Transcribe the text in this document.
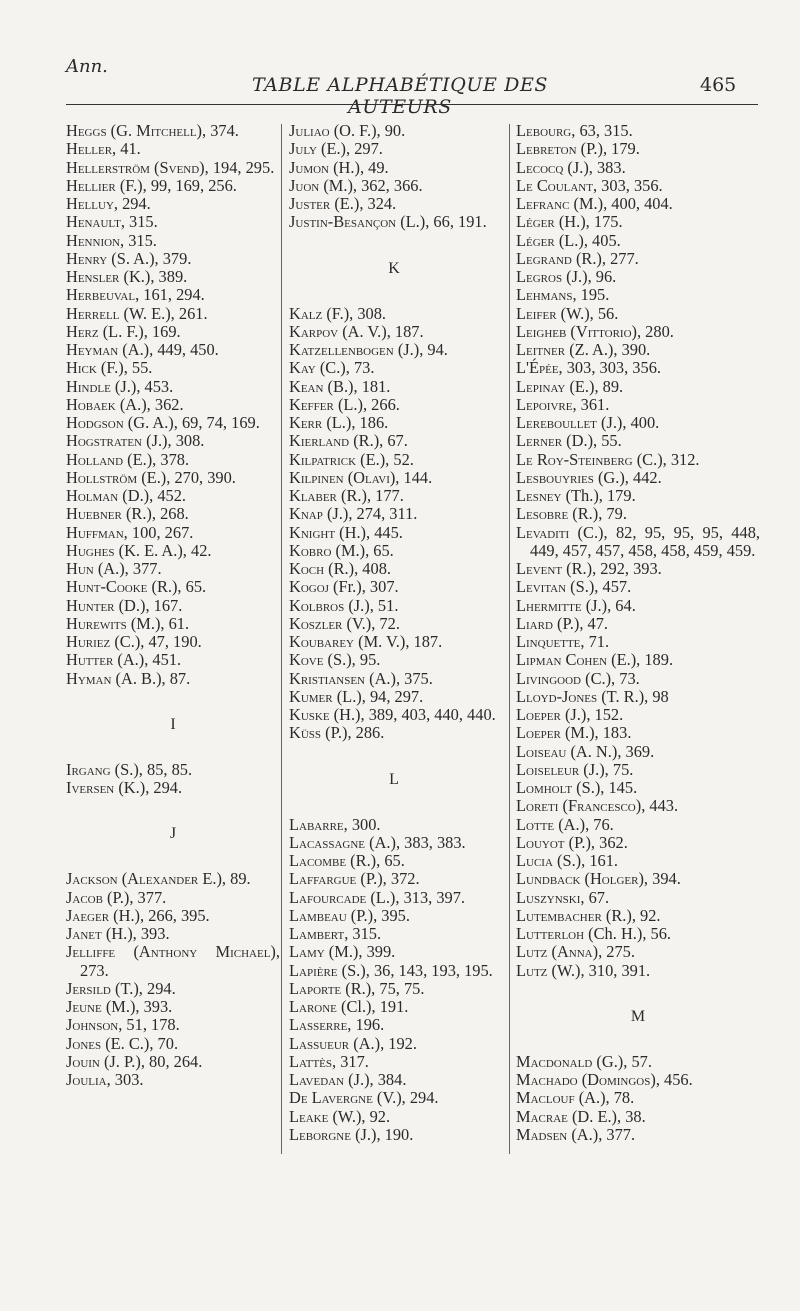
Ann.
TABLE ALPHABÉTIQUE DES AUTEURS
465
Heggs (G. Mitchell), 374.
Heller, 41.
Hellerström (Svend), 194, 295.
Hellier (F.), 99, 169, 256.
Helluy, 294.
Henault, 315.
Hennion, 315.
Henry (S. A.), 379.
Hensler (K.), 389.
Herbeuval, 161, 294.
Herrell (W. E.), 261.
Herz (L. F.), 169.
Heyman (A.), 449, 450.
Hick (F.), 55.
Hindle (J.), 453.
Hobaek (A.), 362.
Hodgson (G. A.), 69, 74, 169.
Hogstraten (J.), 308.
Holland (E.), 378.
Hollström (E.), 270, 390.
Holman (D.), 452.
Huebner (R.), 268.
Huffman, 100, 267.
Hughes (K. E. A.), 42.
Hun (A.), 377.
Hunt-Cooke (R.), 65.
Hunter (D.), 167.
Hurewits (M.), 61.
Huriez (C.), 47, 190.
Hutter (A.), 451.
Hyman (A. B.), 87.
I
Irgang (S.), 85, 85.
Iversen (K.), 294.
J
Jackson (Alexander E.), 89.
Jacob (P.), 377.
Jaeger (H.), 266, 395.
Janet (H.), 393.
Jelliffe (Anthony Michael), 273.
Jersild (T.), 294.
Jeune (M.), 393.
Johnson, 51, 178.
Jones (E. C.), 70.
Jouin (J. P.), 80, 264.
Joulia, 303.
Juliao (O. F.), 90.
July (E.), 297.
Jumon (H.), 49.
Juon (M.), 362, 366.
Juster (E.), 324.
Justin-Besançon (L.), 66, 191.
K
Kalz (F.), 308.
Karpov (A. V.), 187.
Katzellenbogen (J.), 94.
Kay (C.), 73.
Kean (B.), 181.
Keffer (L.), 266.
Kerr (L.), 186.
Kierland (R.), 67.
Kilpatrick (E.), 52.
Kilpinen (Olavi), 144.
Klaber (R.), 177.
Knap (J.), 274, 311.
Knight (H.), 445.
Kobro (M.), 65.
Koch (R.), 408.
Kogoj (Fr.), 307.
Kolbros (J.), 51.
Koszler (V.), 72.
Koubarey (M. V.), 187.
Kove (S.), 95.
Kristiansen (A.), 375.
Kumer (L.), 94, 297.
Kuske (H.), 389, 403, 440, 440.
Küss (P.), 286.
L
Labarre, 300.
Lacassagne (A.), 383, 383.
Lacombe (R.), 65.
Laffargue (P.), 372.
Lafourcade (L.), 313, 397.
Lambeau (P.), 395.
Lambert, 315.
Lamy (M.), 399.
Lapière (S.), 36, 143, 193, 195.
Laporte (R.), 75, 75.
Larone (Cl.), 191.
Lasserre, 196.
Lassueur (A.), 192.
Lattès, 317.
Lavedan (J.), 384.
De Lavergne (V.), 294.
Leake (W.), 92.
Leborgne (J.), 190.
Lebourg, 63, 315.
Lebreton (P.), 179.
Lecocq (J.), 383.
Le Coulant, 303, 356.
Lefranc (M.), 400, 404.
Léger (H.), 175.
Léger (L.), 405.
Legrand (R.), 277.
Legros (J.), 96.
Lehmans, 195.
Leifer (W.), 56.
Leigheb (Vittorio), 280.
Leitner (Z. A.), 390.
L'Épée, 303, 303, 356.
Lepinay (E.), 89.
Lepoivre, 361.
Lereboullet (J.), 400.
Lerner (D.), 55.
Le Roy-Steinberg (C.), 312.
Lesbouyries (G.), 442.
Lesney (Th.), 179.
Lesobre (R.), 79.
Levaditi (C.), 82, 95, 95, 95, 448, 449, 457, 457, 458, 458, 459, 459.
Levent (R.), 292, 393.
Levitan (S.), 457.
Lhermitte (J.), 64.
Liard (P.), 47.
Linquette, 71.
Lipman Cohen (E.), 189.
Livingood (C.), 73.
Lloyd-Jones (T. R.), 98
Loeper (J.), 152.
Loeper (M.), 183.
Loiseau (A. N.), 369.
Loiseleur (J.), 75.
Lomholt (S.), 145.
Loreti (Francesco), 443.
Lotte (A.), 76.
Louyot (P.), 362.
Lucia (S.), 161.
Lundback (Holger), 394.
Luszynski, 67.
Lutembacher (R.), 92.
Lutterloh (Ch. H.), 56.
Lutz (Anna), 275.
Lutz (W.), 310, 391.
M
Macdonald (G.), 57.
Machado (Domingos), 456.
Maclouf (A.), 78.
Macrae (D. E.), 38.
Madsen (A.), 377.
